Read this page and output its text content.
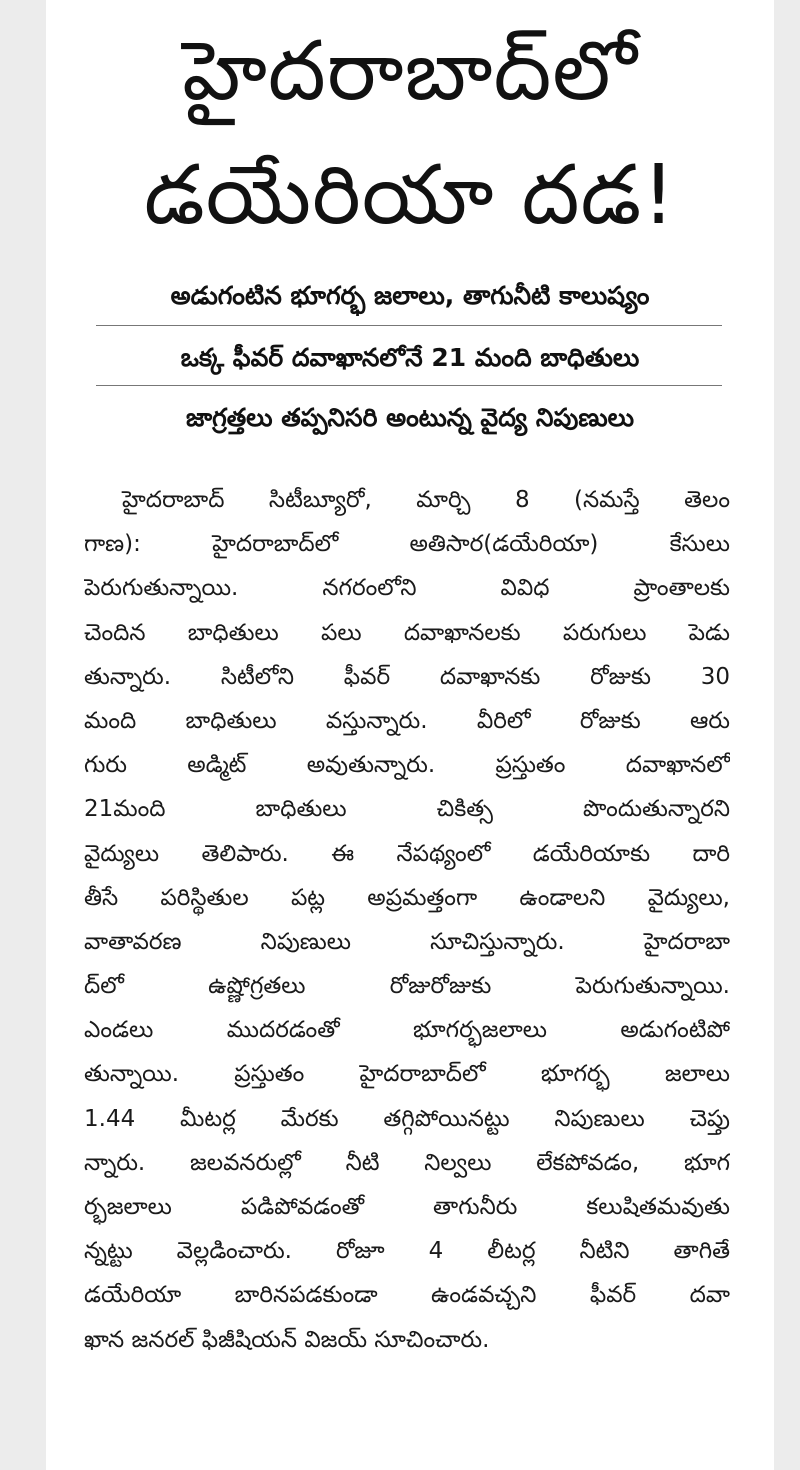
హైదరాబాద్‌లో
డయేరియా దడ!
అడుగంటిన భూగర్భ జలాలు, తాగునీటి కాలుష్యం
ఒక్క ఫీవర్ దవాఖానలోనే 21 మంది బాధితులు
జాగ్రత్తలు తప్పనిసరి అంటున్న వైద్య నిపుణులు

హైదరాబాద్ సిటీబ్యూరో, మార్చి 8 (నమస్తే తెలం
గాణ): హైదరాబాద్‌లో అతిసార(డయేరియా) కేసులు
పెరుగుతున్నాయి. నగరంలోని వివిధ ప్రాంతాలకు
చెందిన బాధితులు పలు దవాఖానలకు పరుగులు పెడు
తున్నారు. సిటీలోని ఫీవర్ దవాఖానకు రోజుకు 30
మంది బాధితులు వస్తున్నారు. వీరిలో రోజుకు ఆరు
గురు అడ్మిట్ అవుతున్నారు. ప్రస్తుతం దవాఖానలో
21మంది బాధితులు చికిత్స పొందుతున్నారని
వైద్యులు తెలిపారు. ఈ నేపథ్యంలో డయేరియాకు దారి
తీసే పరిస్థితుల పట్ల అప్రమత్తంగా ఉండాలని వైద్యులు,
వాతావరణ నిపుణులు సూచిస్తున్నారు. హైదరాబా
ద్‌లో ఉష్ణోగ్రతలు రోజురోజుకు పెరుగుతున్నాయి.
ఎండలు ముదరడంతో భూగర్భజలాలు అడుగంటిపో
తున్నాయి. ప్రస్తుతం హైదరాబాద్‌లో భూగర్భ జలాలు
1.44 మీటర్ల మేరకు తగ్గిపోయినట్టు నిపుణులు చెప్తు
న్నారు. జలవనరుల్లో నీటి నిల్వలు లేకపోవడం, భూగ
ర్భజలాలు పడిపోవడంతో తాగునీరు కలుషితమవుతు
న్నట్టు వెల్లడించారు. రోజూ 4 లీటర్ల నీటిని తాగితే
డయేరియా బారినపడకుండా ఉండవచ్చని ఫీవర్ దవా
ఖాన జనరల్ ఫిజీషియన్ విజయ్ సూచించారు.
